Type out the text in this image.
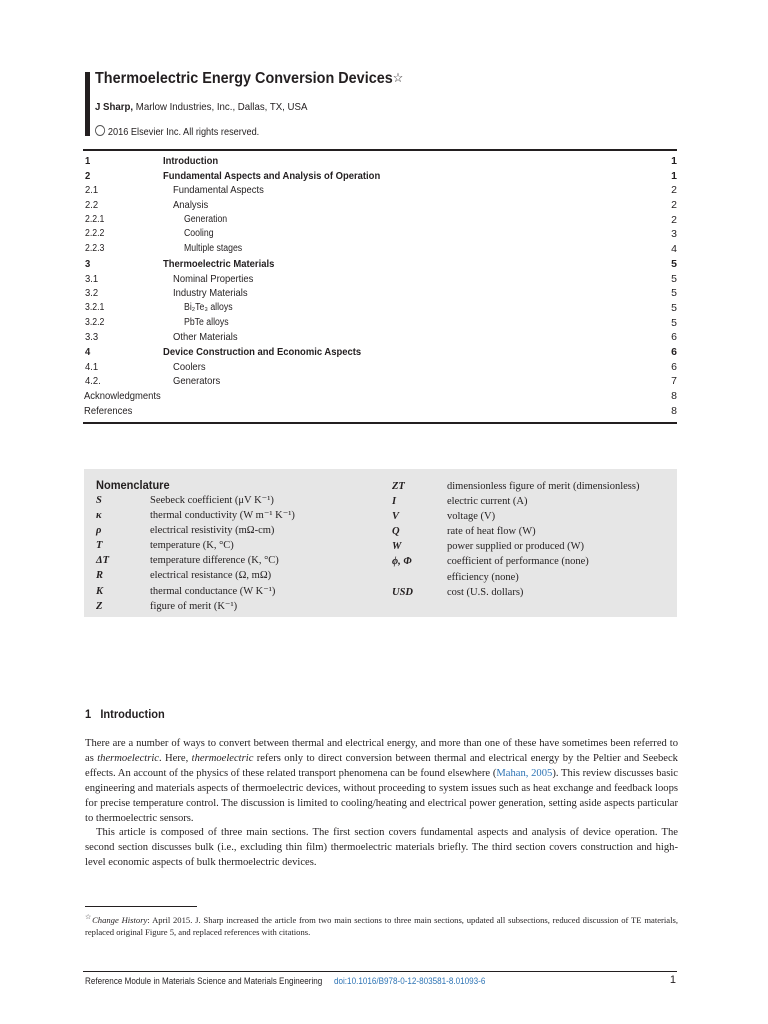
Thermoelectric Energy Conversion Devices☆
J Sharp, Marlow Industries, Inc., Dallas, TX, USA
2016 Elsevier Inc. All rights reserved.
1	Introduction	1
2	Fundamental Aspects and Analysis of Operation	1
2.1	Fundamental Aspects	2
2.2	Analysis	2
2.2.1	Generation	2
2.2.2	Cooling	3
2.2.3	Multiple stages	4
3	Thermoelectric Materials	5
3.1	Nominal Properties	5
3.2	Industry Materials	5
3.2.1	Bi₂Te₃ alloys	5
3.2.2	PbTe alloys	5
3.3	Other Materials	6
4	Device Construction and Economic Aspects	6
4.1	Coolers	6
4.2.	Generators	7
Acknowledgments	8
References	8
Nomenclature
S	Seebeck coefficient (μV K⁻¹)
κ	thermal conductivity (W m⁻¹ K⁻¹)
ρ	electrical resistivity (mΩ-cm)
T	temperature (K, °C)
ΔT	temperature difference (K, °C)
R	electrical resistance (Ω, mΩ)
K	thermal conductance (W K⁻¹)
Z	figure of merit (K⁻¹)
ZT	dimensionless figure of merit (dimensionless)
I	electric current (A)
V	voltage (V)
Q	rate of heat flow (W)
W	power supplied or produced (W)
ϕ, Φ	coefficient of performance (none)
efficiency (none)
USD	cost (U.S. dollars)
1 Introduction

There are a number of ways to convert between thermal and electrical energy, and more than one of these have sometimes been referred to as thermoelectric. Here, thermoelectric refers only to direct conversion between thermal and electrical energy by the Peltier and Seebeck effects. An account of the physics of these related transport phenomena can be found elsewhere (Mahan, 2005). This review discusses basic engineering and materials aspects of thermoelectric devices, without proceeding to system issues such as heat exchange and feedback loops for precise temperature control. The discussion is limited to cooling/heating and electrical power generation, setting aside aspects particular to thermoelectric sensors.

This article is composed of three main sections. The first section covers fundamental aspects and analysis of device operation. The second section discusses bulk (i.e., excluding thin film) thermoelectric materials briefly. The third section covers construction and high-level economic aspects of bulk thermoelectric devices.

☆Change History: April 2015. J. Sharp increased the article from two main sections to three main sections, updated all subsections, reduced discussion of TE materials, replaced original Figure 5, and replaced references with citations.
Reference Module in Materials Science and Materials Engineering doi:10.1016/B978-0-12-803581-8.01093-6	1
